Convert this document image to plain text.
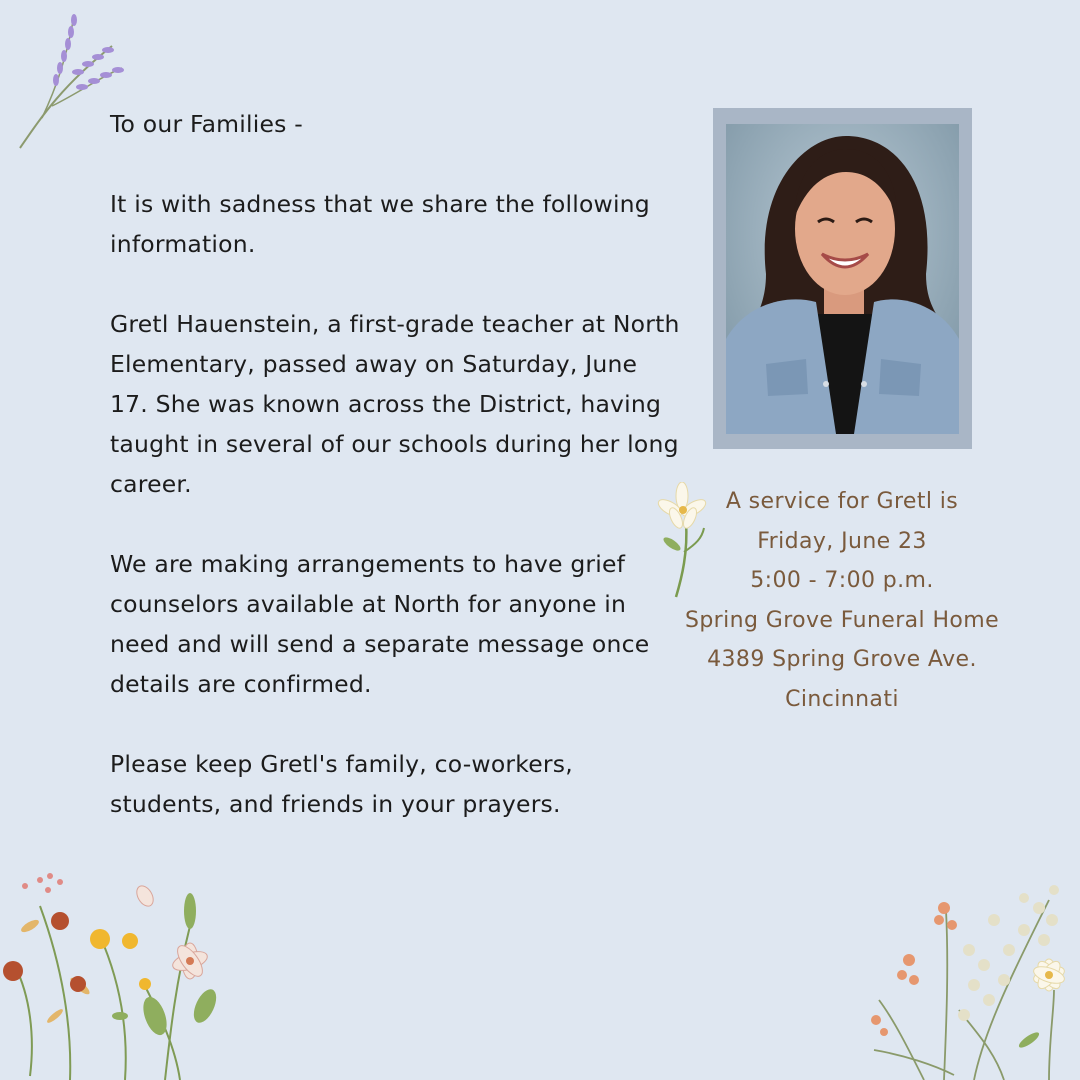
To our Families -

It is with sadness that we share the following information.

Gretl Hauenstein, a first-grade teacher at North Elementary, passed away on Saturday, June 17. She was known across the District, having taught in several of our schools during her long career.

We are making arrangements to have grief counselors available at North for anyone in need and will send a separate message once details are confirmed.

Please keep Gretl's family, co-workers, students, and friends in your prayers.

A service for Gretl is
Friday, June 23
5:00 - 7:00 p.m.
Spring Grove Funeral Home
4389 Spring Grove Ave.
Cincinnati
